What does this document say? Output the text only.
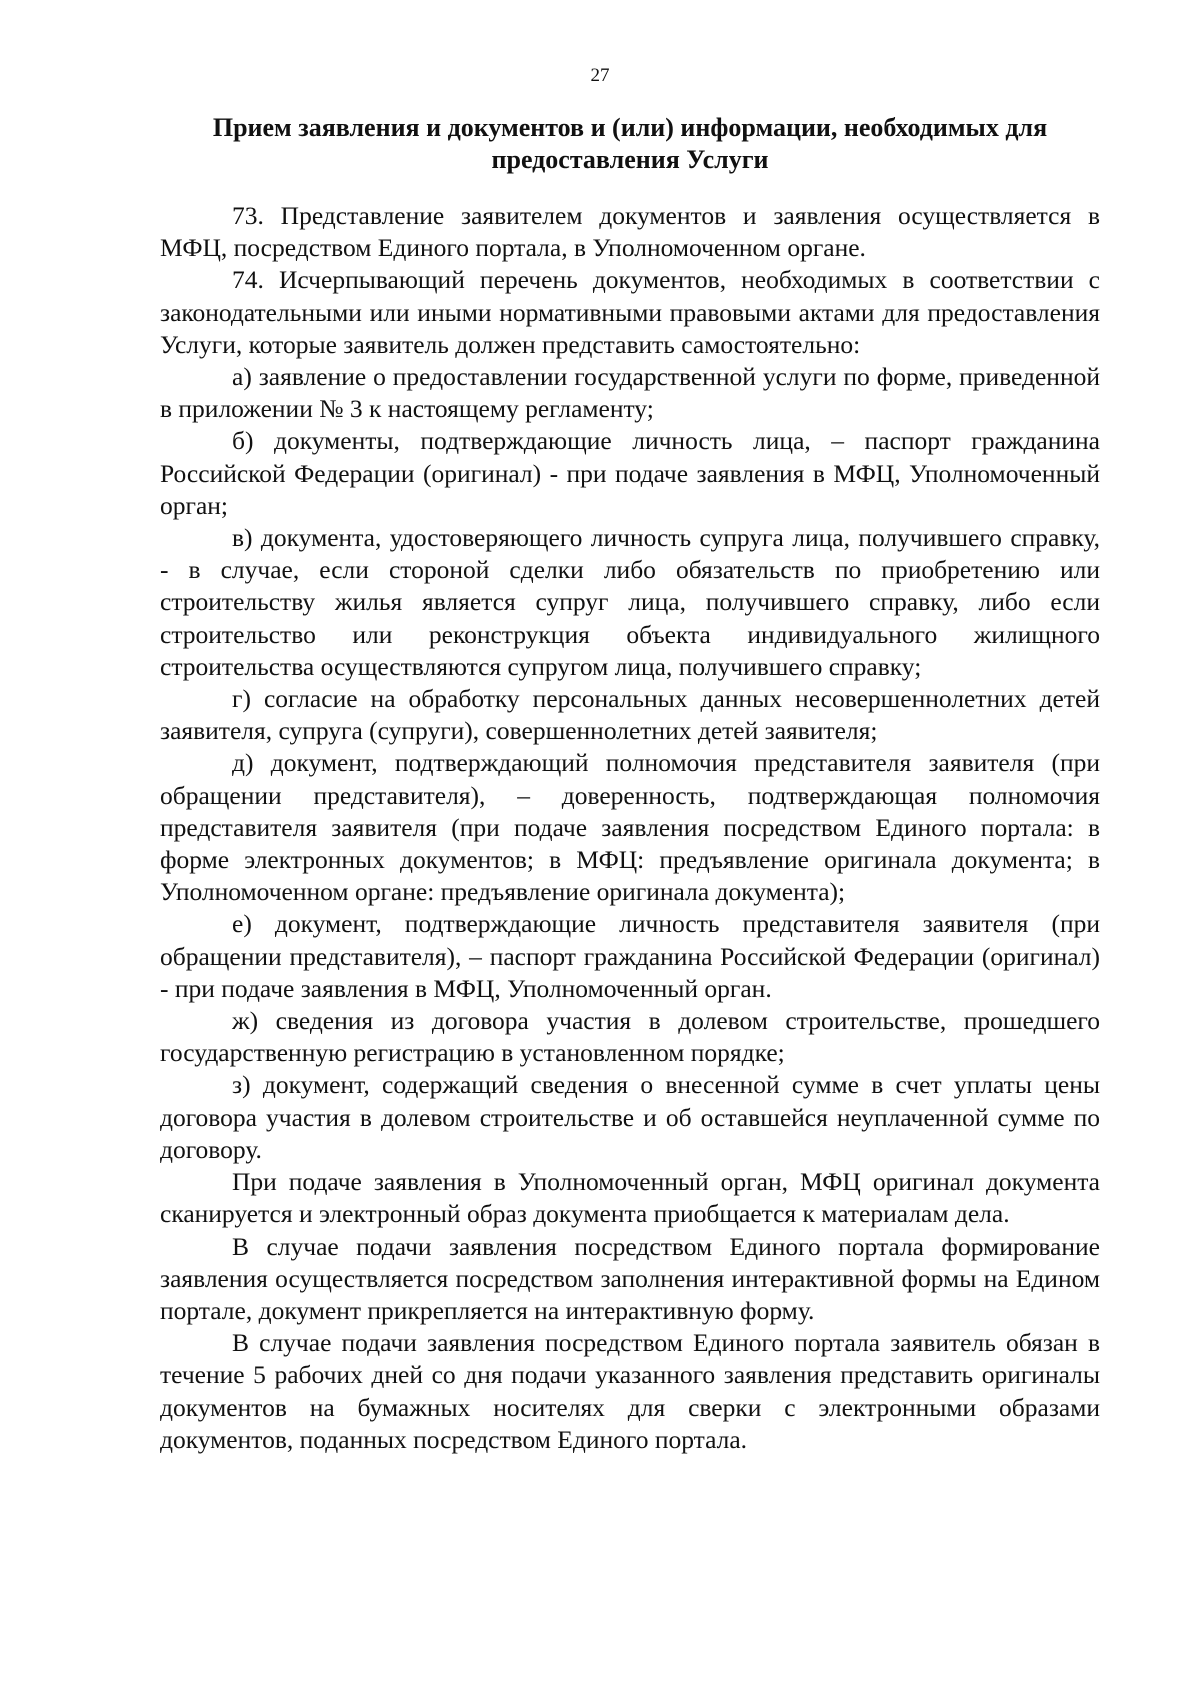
27
Прием заявления и документов и (или) информации, необходимых для
предоставления Услуги

73. Представление заявителем документов и заявления осуществляется в МФЦ, посредством Единого портала, в Уполномоченном органе.

74. Исчерпывающий перечень документов, необходимых в соответствии с законодательными или иными нормативными правовыми актами для предоставления Услуги, которые заявитель должен представить самостоятельно:

а) заявление о предоставлении государственной услуги по форме, приведенной в приложении № 3 к настоящему регламенту;

б) документы, подтверждающие личность лица, – паспорт гражданина Российской Федерации (оригинал) - при подаче заявления в МФЦ, Уполномоченный орган;

в) документа, удостоверяющего личность супруга лица, получившего справку, - в случае, если стороной сделки либо обязательств по приобретению или строительству жилья является супруг лица, получившего справку, либо если строительство или реконструкция объекта индивидуального жилищного строительства осуществляются супругом лица, получившего справку;

г) согласие на обработку персональных данных несовершеннолетних детей заявителя, супруга (супруги), совершеннолетних детей заявителя;

д) документ, подтверждающий полномочия представителя заявителя (при обращении представителя), – доверенность, подтверждающая полномочия представителя заявителя (при подаче заявления посредством Единого портала: в форме электронных документов; в МФЦ: предъявление оригинала документа; в Уполномоченном органе: предъявление оригинала документа);

е) документ, подтверждающие личность представителя заявителя (при обращении представителя), – паспорт гражданина Российской Федерации (оригинал) - при подаче заявления в МФЦ, Уполномоченный орган.

ж) сведения из договора участия в долевом строительстве, прошедшего государственную регистрацию в установленном порядке;

з) документ, содержащий сведения о внесенной сумме в счет уплаты цены договора участия в долевом строительстве и об оставшейся неуплаченной сумме по договору.

При подаче заявления в Уполномоченный орган, МФЦ оригинал документа сканируется и электронный образ документа приобщается к материалам дела.

В случае подачи заявления посредством Единого портала формирование заявления осуществляется посредством заполнения интерактивной формы на Едином портале, документ прикрепляется на интерактивную форму.

В случае подачи заявления посредством Единого портала заявитель обязан в течение 5 рабочих дней со дня подачи указанного заявления представить оригиналы документов на бумажных носителях для сверки с электронными образами документов, поданных посредством Единого портала.
